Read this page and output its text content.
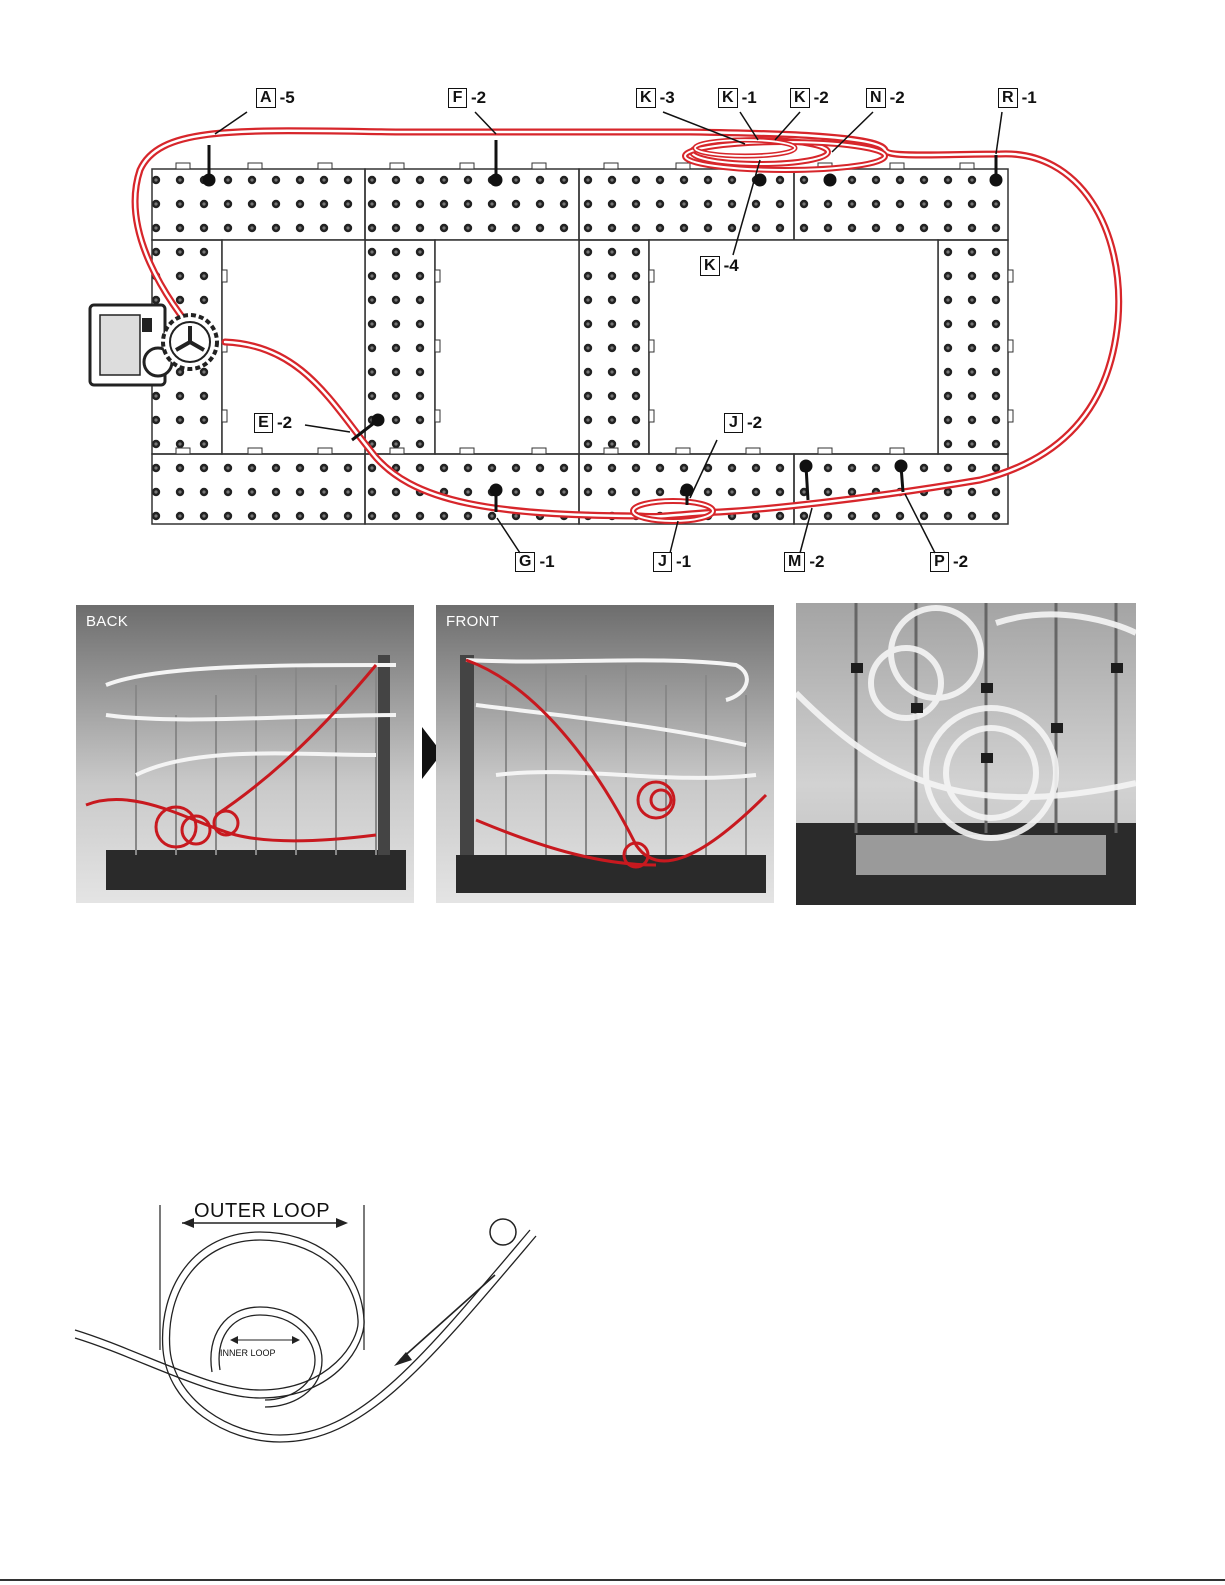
A -5	F -2	K -3	K -1 K -2	N -2	R -1
K -4
E -2	J -2
G -1	J -1	M -2	P -2
BACK	FRONT
OUTER LOOP
INNER LOOP
